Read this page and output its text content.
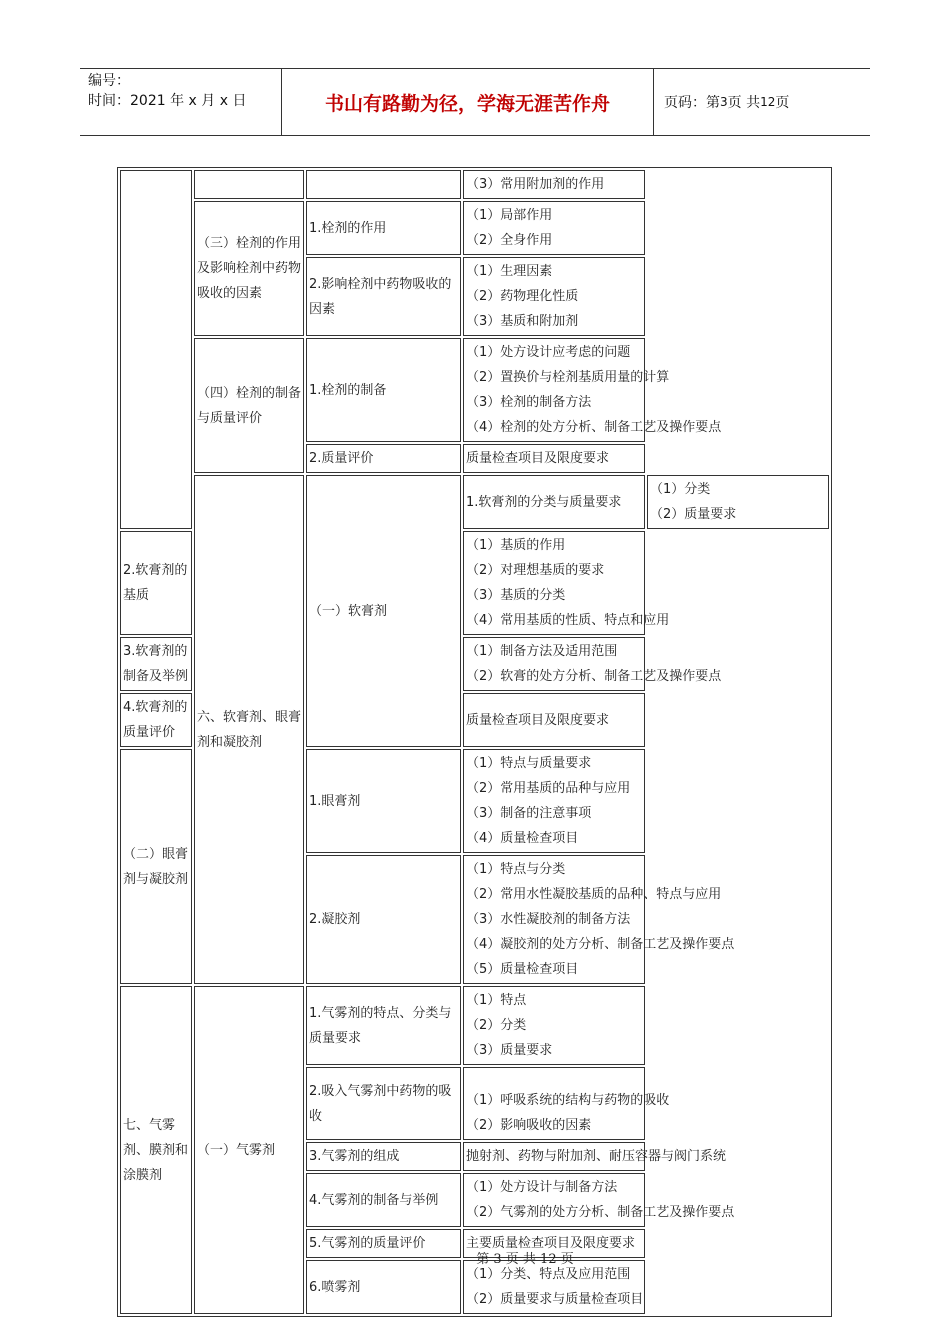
编号：
时间：2021 年 x 月 x 日	书山有路勤为径，学海无涯苦作舟	页码：第 3 页 共 12 页

			（3）常用附加剂的作用	

	（三）栓剂的作用及影响栓剂中药物吸收的因素	1.栓剂的作用	（1）局部作用
（2）全身作用	

		2.影响栓剂中药物吸收的因素	（1）生理因素
（2）药物理化性质
（3）基质和附加剂	

	（四）栓剂的制备与质量评价	1.栓剂的制备	（1）处方设计应考虑的问题
（2）置换价与栓剂基质用量的计算
（3）栓剂的制备方法
（4）栓剂的处方分析、制备工艺及操作要点	

		2.质量评价	质量检查项目及限度要求	

	六、软膏剂、眼膏剂和凝胶剂	（一）软膏剂	1.软膏剂的分类与质量要求	（1）分类
（2）质量要求

2.软膏剂的基质			（1）基质的作用
（2）对理想基质的要求
（3）基质的分类
（4）常用基质的性质、特点和应用	

3.软膏剂的制备及举例			（1）制备方法及适用范围
（2）软膏的处方分析、制备工艺及操作要点	

4.软膏剂的质量评价			质量检查项目及限度要求	

（二）眼膏剂与凝胶剂		1.眼膏剂	（1）特点与质量要求
（2）常用基质的品种与应用
（3）制备的注意事项
（4）质量检查项目	

		2.凝胶剂	（1）特点与分类
（2）常用水性凝胶基质的品种、特点与应用
（3）水性凝胶剂的制备方法
（4）凝胶剂的处方分析、制备工艺及操作要点
（5）质量检查项目	

七、气雾剂、膜剂和涂膜剂	（一）气雾剂	1.气雾剂的特点、分类与质量要求	（1）特点
（2）分类
（3）质量要求	

		2.吸入气雾剂中药物的吸收	（1）呼吸系统的结构与药物的吸收
（2）影响吸收的因素	

		3.气雾剂的组成	抛射剂、药物与附加剂、耐压容器与阀门系统	

		4.气雾剂的制备与举例	（1）处方设计与制备方法
（2）气雾剂的处方分析、制备工艺及操作要点	

		5.气雾剂的质量评价	主要质量检查项目及限度要求	

		6.喷雾剂	（1）分类、特点及应用范围
（2）质量要求与质量检查项目	
第 3 页 共 12 页
